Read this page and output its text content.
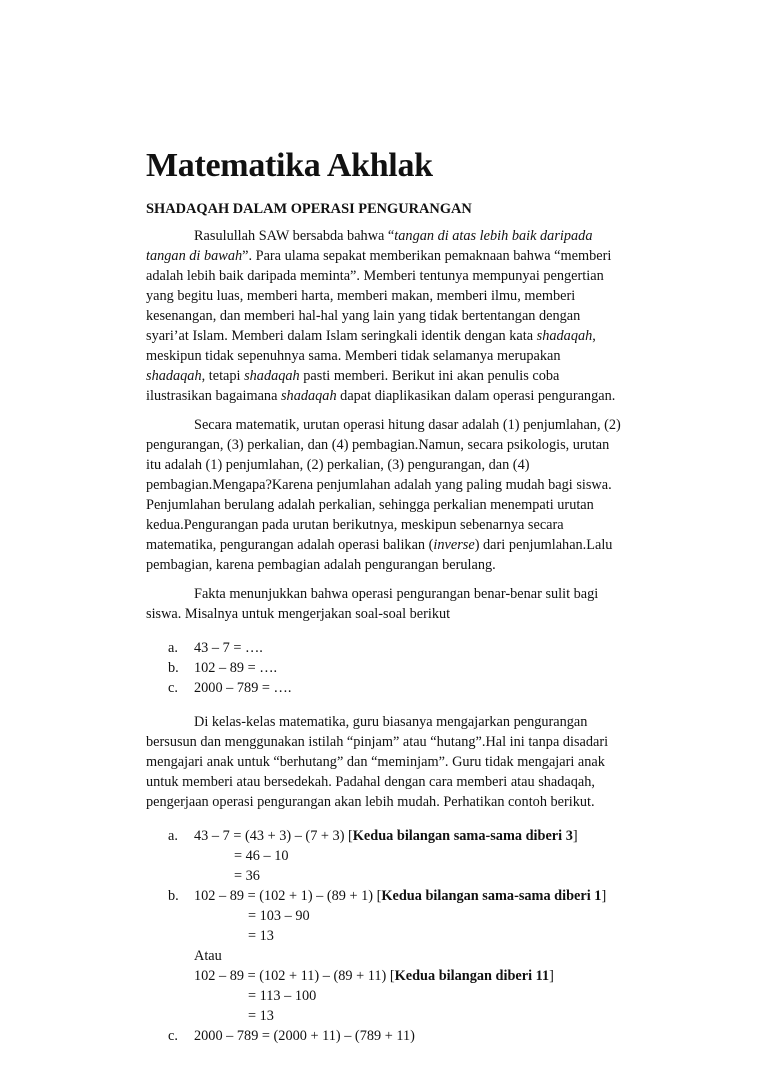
Matematika Akhlak
SHADAQAH DALAM OPERASI PENGURANGAN
Rasulullah SAW bersabda bahwa “tangan di atas lebih baik daripada
tangan di bawah”. Para ulama sepakat memberikan pemaknaan bahwa “memberi
adalah lebih baik daripada meminta”. Memberi tentunya mempunyai pengertian
yang begitu luas, memberi harta, memberi makan, memberi ilmu, memberi
kesenangan, dan memberi hal-hal yang lain yang tidak bertentangan dengan
syari’at Islam. Memberi dalam Islam seringkali identik dengan kata shadaqah,
meskipun tidak sepenuhnya sama. Memberi tidak selamanya merupakan
shadaqah, tetapi shadaqah pasti memberi. Berikut ini akan penulis coba
ilustrasikan bagaimana shadaqah dapat diaplikasikan dalam operasi pengurangan.
Secara matematik, urutan operasi hitung dasar adalah (1) penjumlahan, (2)
pengurangan, (3) perkalian, dan (4) pembagian.Namun, secara psikologis, urutan
itu adalah (1) penjumlahan, (2) perkalian, (3) pengurangan, dan (4)
pembagian.Mengapa?Karena penjumlahan adalah yang paling mudah bagi siswa.
Penjumlahan berulang adalah perkalian, sehingga perkalian menempati urutan
kedua.Pengurangan pada urutan berikutnya, meskipun sebenarnya secara
matematika, pengurangan adalah operasi balikan (inverse) dari penjumlahan.Lalu
pembagian, karena pembagian adalah pengurangan berulang.
Fakta menunjukkan bahwa operasi pengurangan benar-benar sulit bagi
siswa. Misalnya untuk mengerjakan soal-soal berikut
a.	43 – 7 = ….
b.	102 – 89 = ….
c.	2000 – 789 = ….
Di kelas-kelas matematika, guru biasanya mengajarkan pengurangan
bersusun dan menggunakan istilah “pinjam” atau “hutang”.Hal ini tanpa disadari
mengajari anak untuk “berhutang” dan “meminjam”. Guru tidak mengajari anak
untuk memberi atau bersedekah. Padahal dengan cara memberi atau shadaqah,
pengerjaan operasi pengurangan akan lebih mudah. Perhatikan contoh berikut.
a.	43 – 7 = (43 + 3) – (7 + 3) [Kedua bilangan sama-sama diberi 3]
= 46 – 10
= 36
b.	102 – 89 = (102 + 1) – (89 + 1) [Kedua bilangan sama-sama diberi 1]
= 103 – 90
= 13
Atau
102 – 89 = (102 + 11) – (89 + 11) [Kedua bilangan diberi 11]
= 113 – 100
= 13
c.	2000 – 789 = (2000 + 11) – (789 + 11)
